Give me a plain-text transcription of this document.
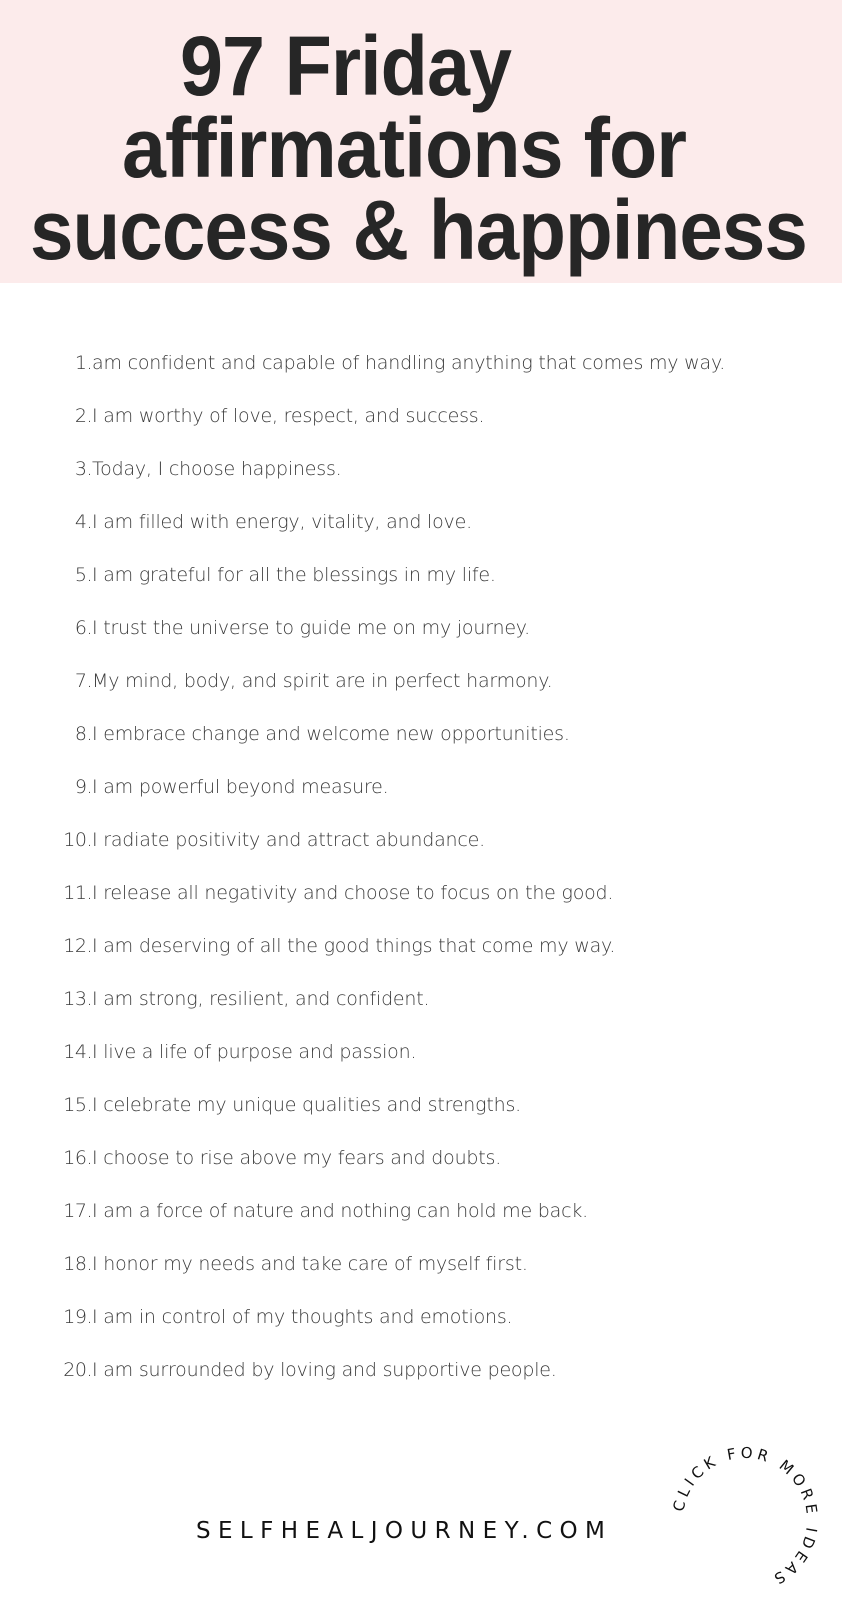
97 Friday
affirmations for
success & happiness
1. am confident and capable of handling anything that comes my way.
2. I am worthy of love, respect, and success.
3. Today, I choose happiness.
4. I am filled with energy, vitality, and love.
5. I am grateful for all the blessings in my life.
6. I trust the universe to guide me on my journey.
7. My mind, body, and spirit are in perfect harmony.
8. I embrace change and welcome new opportunities.
9. I am powerful beyond measure.
10. I radiate positivity and attract abundance.
11. I release all negativity and choose to focus on the good.
12. I am deserving of all the good things that come my way.
13. I am strong, resilient, and confident.
14. I live a life of purpose and passion.
15. I celebrate my unique qualities and strengths.
16. I choose to rise above my fears and doubts.
17. I am a force of nature and nothing can hold me back.
18. I honor my needs and take care of myself first.
19. I am in control of my thoughts and emotions.
20. I am surrounded by loving and supportive people.
SELFHEALJOURNEY.COM
CLICK FOR MORE IDEAS
